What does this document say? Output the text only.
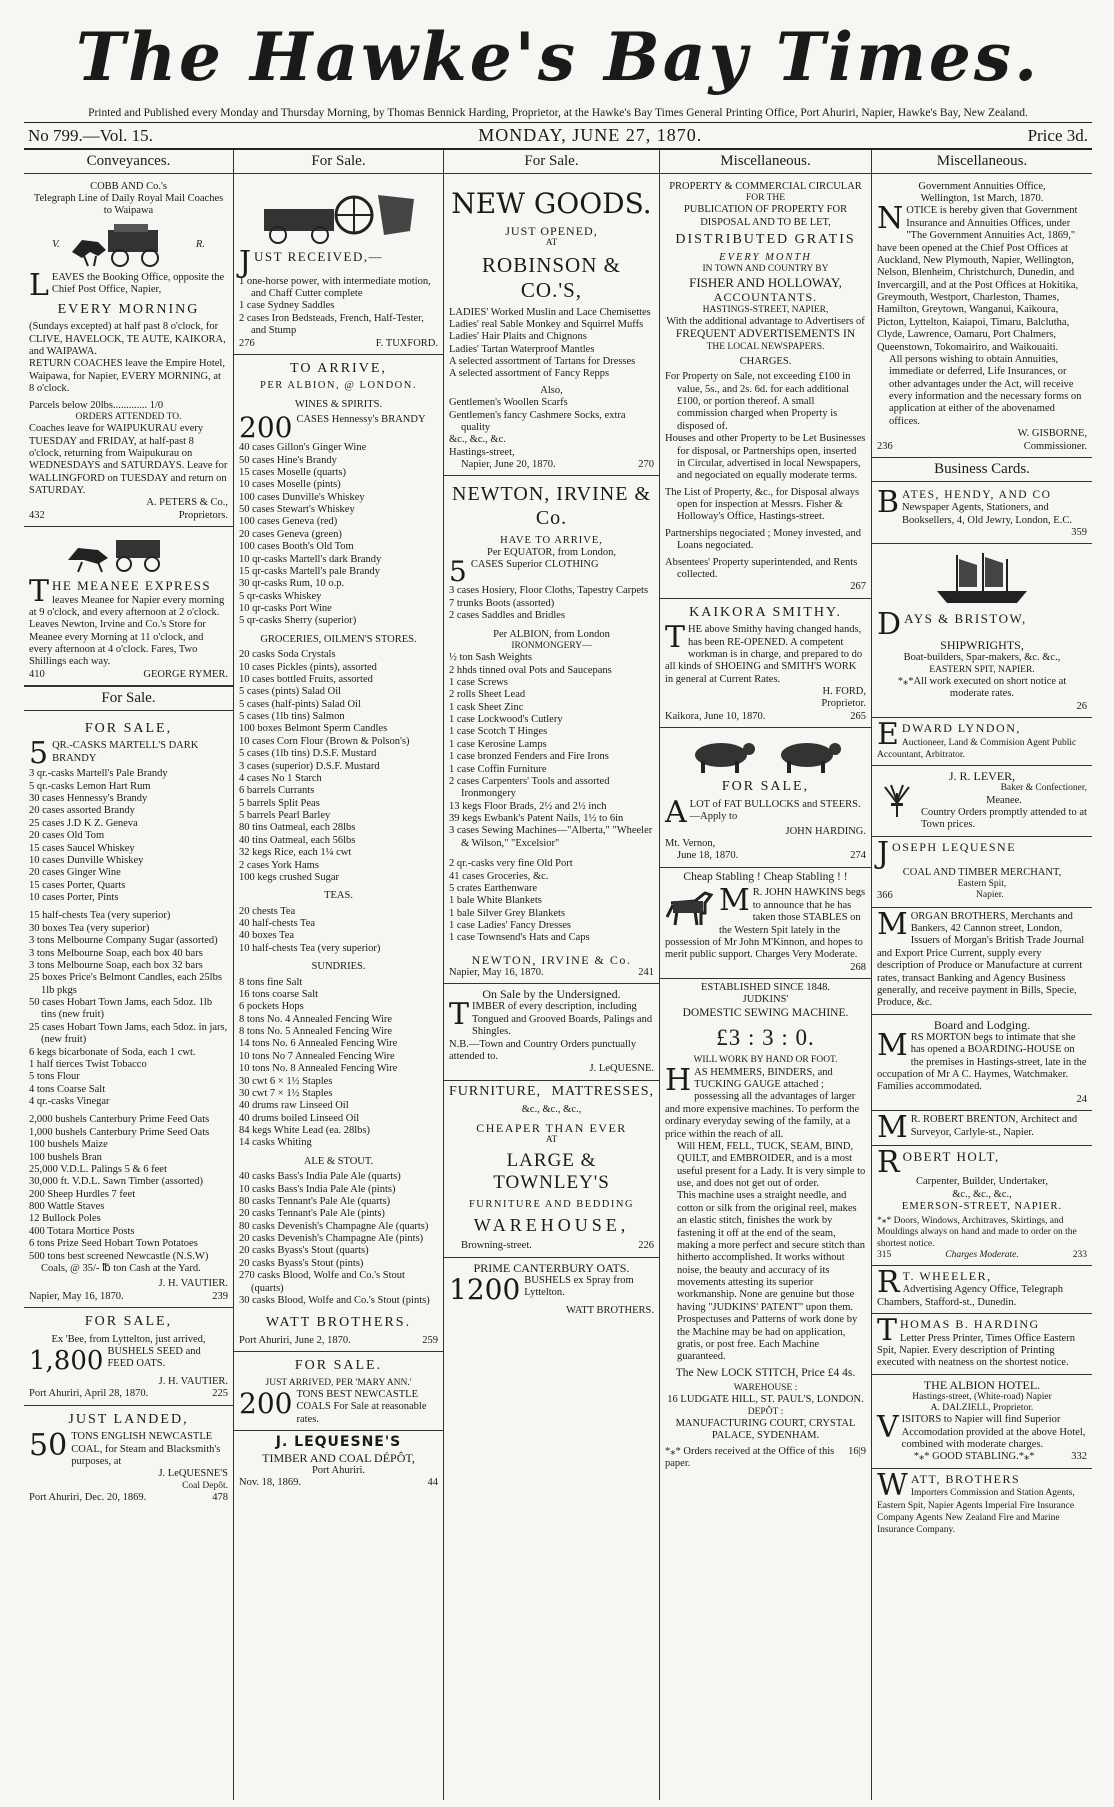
The Hawke's Bay Times.
Printed and Published every Monday and Thursday Morning, by Thomas Bennick Harding, Proprietor, at the Hawke's Bay Times General Printing Office, Port Ahuriri, Napier, Hawke's Bay, New Zealand.
No 799.—Vol. 15.	MONDAY, JUNE 27, 1870.	Price 3d.
Conveyances.
COBB AND Co.'s
Telegraph Line of Daily Royal Mail Coaches to Waipawa
V.	R.
LEAVES the Booking Office, opposite the Chief Post Office, Napier,
EVERY MORNING
(Sundays excepted) at half past 8 o'clock, for CLIVE, HAVELOCK, TE AUTE, KAIKORA, and WAIPAWA.
RETURN COACHES leave the Empire Hotel, Waipawa, for Napier, EVERY MORNING, at 8 o'clock.
Parcels below 20lbs............. 1/0
ORDERS ATTENDED TO.
Coaches leave for WAIPUKURAU every TUESDAY and FRIDAY, at half-past 8 o'clock, returning from Waipukurau on WEDNESDAYS and SATURDAYS. Leave for WALLINGFORD on TUESDAY and return on SATURDAY.
A. PETERS & Co.,
432	Proprietors.
THE MEANEE EXPRESS leaves Meanee for Napier every morning at 9 o'clock, and every afternoon at 2 o'clock. Leaves Newton, Irvine and Co.'s Store for Meanee every Morning at 11 o'clock, and every afternoon at 4 o'clock. Fares, Two Shillings each way.
410	GEORGE RYMER.
For Sale.
FOR SALE,
5 QR.-CASKS MARTELL'S DARK BRANDY
3 qr.-casks Martell's Pale Brandy
5 qr.-casks Lemon Hart Rum
30 cases Hennessy's Brandy
20 cases assorted Brandy
25 cases J.D K Z. Geneva
20 cases Old Tom
15 cases Saucel Whiskey
10 cases Dunville Whiskey
20 cases Ginger Wine
15 cases Porter, Quarts
10 cases Porter, Pints
15 half-chests Tea (very superior)
30 boxes Tea (very superior)
3 tons Melbourne Company Sugar (assorted)
3 tons Melbourne Soap, each box 40 bars
3 tons Melbourne Soap, each box 32 bars
25 boxes Price's Belmont Candles, each 25lbs 1lb pkgs
50 cases Hobart Town Jams, each 5doz. 1lb tins (new fruit)
25 cases Hobart Town Jams, each 5doz. in jars, (new fruit)
6 kegs bicarbonate of Soda, each 1 cwt.
1 half tierces Twist Tobacco
5 tons Flour
4 tons Coarse Salt
4 qr.-casks Vinegar
2,000 bushels Canterbury Prime Feed Oats
1,000 bushels Canterbury Prime Seed Oats
100 bushels Maize
100 bushels Bran
25,000 V.D.L. Palings 5 & 6 feet
30,000 ft. V.D.L. Sawn Timber (assorted)
200 Sheep Hurdles 7 feet
800 Wattle Staves
12 Bullock Poles
400 Totara Mortice Posts
6 tons Prize Seed Hobart Town Potatoes
500 tons best screened Newcastle (N.S.W) Coals, @ 35/- ℔ ton Cash at the Yard.
J. H. VAUTIER.
Napier, May 16, 1870.	239
FOR SALE,
Ex 'Bee, from Lyttelton, just arrived,
1,800 BUSHELS SEED and FEED OATS.
J. H. VAUTIER.
Port Ahuriri, April 28, 1870.	225
JUST LANDED,
50 TONS ENGLISH NEWCASTLE COAL, for Steam and Blacksmith's purposes, at
J. LeQUESNE'S
Coal Depôt.
Port Ahuriri, Dec. 20, 1869.	478
For Sale.
JUST RECEIVED,—
1 one-horse power, with intermediate motion, and Chaff Cutter complete
1 case Sydney Saddles
2 cases Iron Bedsteads, French, Half-Tester, and Stump
276	F. TUXFORD.
TO ARRIVE,
PER ALBION, @ LONDON.
WINES & SPIRITS.
200 CASES Hennessy's BRANDY
40 cases Gillon's Ginger Wine
50 cases Hine's Brandy
15 cases Moselle (quarts)
10 cases Moselle (pints)
100 cases Dunville's Whiskey
50 cases Stewart's Whiskey
100 cases Geneva (red)
20 cases Geneva (green)
100 cases Booth's Old Tom
10 qr-casks Martell's dark Brandy
15 qr-casks Martell's pale Brandy
30 qr-casks Rum, 10 o.p.
5 qr-casks Whiskey
10 qr-casks Port Wine
5 qr-casks Sherry (superior)
GROCERIES, OILMEN'S STORES.
20 casks Soda Crystals
10 cases Pickles (pints), assorted
10 cases bottled Fruits, assorted
5 cases (pints) Salad Oil
5 cases (half-pints) Salad Oil
5 cases (1lb tins) Salmon
100 boxes Belmont Sperm Candles
10 cases Corn Flour (Brown & Polson's)
5 cases (1lb tins) D.S.F. Mustard
3 cases (superior) D.S.F. Mustard
4 cases No 1 Starch
6 barrels Currants
5 barrels Split Peas
5 barrels Pearl Barley
80 tins Oatmeal, each 28lbs
40 tins Oatmeal, each 56lbs
32 kegs Rice, each 1¼ cwt
2 cases York Hams
100 kegs crushed Sugar
TEAS.
20 chests Tea
40 half-chests Tea
40 boxes Tea
10 half-chests Tea (very superior)
SUNDRIES.
8 tons fine Salt
16 tons coarse Salt
6 pockets Hops
8 tons No. 4 Annealed Fencing Wire
8 tons No. 5 Annealed Fencing Wire
14 tons No. 6 Annealed Fencing Wire
10 tons No 7 Annealed Fencing Wire
10 tons No. 8 Annealed Fencing Wire
30 cwt 6 × 1½ Staples
30 cwt 7 × 1½ Staples
40 drums raw Linseed Oil
40 drums boiled Linseed Oil
84 kegs White Lead (ea. 28lbs)
14 casks Whiting
ALE & STOUT.
40 casks Bass's India Pale Ale (quarts)
10 casks Bass's India Pale Ale (pints)
80 casks Tennant's Pale Ale (quarts)
20 casks Tennant's Pale Ale (pints)
80 casks Devenish's Champagne Ale (quarts)
20 casks Devenish's Champagne Ale (pints)
20 casks Byass's Stout (quarts)
20 casks Byass's Stout (pints)
270 casks Blood, Wolfe and Co.'s Stout (quarts)
30 casks Blood, Wolfe and Co.'s Stout (pints)
WATT BROTHERS.
Port Ahuriri, June 2, 1870.	259
FOR SALE.
JUST ARRIVED, PER 'MARY ANN.'
200 TONS BEST NEWCASTLE COALS For Sale at reasonable rates.
J. LEQUESNE'S
TIMBER AND COAL DÉPÔT,
Port Ahuriri.
Nov. 18, 1869.	44
For Sale.
NEW GOODS.
JUST OPENED,
AT
ROBINSON & CO.'S,
LADIES' Worked Muslin and Lace Chemisettes
Ladies' real Sable Monkey and Squirrel Muffs
Ladies' Hair Plaits and Chignons
Ladies' Tartan Waterproof Mantles
A selected assortment of Tartans for Dresses
A selected assortment of Fancy Repps
Also,
Gentlemen's Woollen Scarfs
Gentlemen's fancy Cashmere Socks, extra quality
&c., &c., &c.
Hastings-street,
Napier, June 20, 1870.	270
NEWTON, IRVINE & Co.
HAVE TO ARRIVE,
Per EQUATOR, from London,
5 CASES Superior CLOTHING
3 cases Hosiery, Floor Cloths, Tapestry Carpets
7 trunks Boots (assorted)
2 cases Saddles and Bridles
Per ALBION, from London
IRONMONGERY—
½ ton Sash Weights
2 hhds tinned oval Pots and Saucepans
1 case Screws
2 rolls Sheet Lead
1 cask Sheet Zinc
1 case Lockwood's Cutlery
1 case Scotch T Hinges
1 case Kerosine Lamps
1 case bronzed Fenders and Fire Irons
1 case Coffin Furniture
2 cases Carpenters' Tools and assorted Ironmongery
13 kegs Floor Brads, 2½ and 2½ inch
39 kegs Ewbank's Patent Nails, 1½ to 6in
3 cases Sewing Machines—"Alberta," "Wheeler & Wilson," "Excelsior"
2 qr.-casks very fine Old Port
41 cases Groceries, &c.
5 crates Earthenware
1 bale White Blankets
1 bale Silver Grey Blankets
1 case Ladies' Fancy Dresses
1 case Townsend's Hats and Caps
NEWTON, IRVINE & Co.
Napier, May 16, 1870.	241
On Sale by the Undersigned.
TIMBER of every description, including Tongued and Grooved Boards, Palings and Shingles.
N.B.—Town and Country Orders punctually attended to.
J. LeQUESNE.
FURNITURE, MATTRESSES,
&c., &c., &c.,
CHEAPER THAN EVER
AT
LARGE & TOWNLEY'S
FURNITURE AND BEDDING
WAREHOUSE,
Browning-street.	226
PRIME CANTERBURY OATS.
1200 BUSHELS ex Spray from Lyttelton.
WATT BROTHERS.
Miscellaneous.
PROPERTY & COMMERCIAL CIRCULAR
FOR THE
PUBLICATION OF PROPERTY FOR DISPOSAL AND TO BE LET,
DISTRIBUTED GRATIS
EVERY MONTH
IN TOWN AND COUNTRY BY
FISHER AND HOLLOWAY,
ACCOUNTANTS.
HASTINGS-STREET, NAPIER,
With the additional advantage to Advertisers of
FREQUENT ADVERTISEMENTS IN
THE LOCAL NEWSPAPERS.
CHARGES.
For Property on Sale, not exceeding £100 in value, 5s., and 2s. 6d. for each additional £100, or portion thereof. A small commission charged when Property is disposed of.
Houses and other Property to be Let Businesses for disposal, or Partnerships open, inserted in Circular, advertised in local Newspapers, and negociated on equally moderate terms.
The List of Property, &c., for Disposal always open for inspection at Messrs. Fisher & Holloway's Office, Hastings-street.
Partnerships negociated ; Money invested, and Loans negociated.
Absentees' Property superintended, and Rents collected.
267
KAIKORA SMITHY.
THE above Smithy having changed hands, has been RE-OPENED. A competent workman is in charge, and prepared to do all kinds of SHOEING and SMITH'S WORK in general at Current Rates.
H. FORD,
Proprietor.
Kaikora, June 10, 1870.	265
FOR SALE,
ALOT of FAT BULLOCKS and STEERS.—Apply to
JOHN HARDING.
Mt. Vernon,
June 18, 1870.	274
Cheap Stabling ! Cheap Stabling ! !
M R. JOHN HAWKINS begs to announce that he has taken those STABLES on the Western Spit lately in the possession of Mr John M'Kinnon, and hopes to merit public support. Charges Very Moderate.
268
ESTABLISHED SINCE 1848.
JUDKINS'
DOMESTIC SEWING MACHINE.
£3 : 3 : 0.
WILL WORK BY HAND OR FOOT.
HAS HEMMERS, BINDERS, and TUCKING GAUGE attached ; possessing all the advantages of larger and more expensive machines. To perform the ordinary everyday sewing of the family, at a price within the reach of all.
Will HEM, FELL, TUCK, SEAM, BIND, QUILT, and EMBROIDER, and is a most useful present for a Lady. It is very simple to use, and does not get out of order.
This machine uses a straight needle, and cotton or silk from the original reel, makes an elastic stitch, finishes the work by fastening it off at the end of the seam, making a more perfect and secure stitch than hitherto accomplished. It works without noise, the beauty and accuracy of its movements attesting its superior workmanship. None are genuine but those having "JUDKINS' PATENT" upon them.
Prospectuses and Patterns of work done by the Machine may be had on application, gratis, or post free. Each Machine guaranteed.
The New LOCK STITCH, Price £4 4s.
WAREHOUSE :
16 LUDGATE HILL, ST. PAUL'S, LONDON.
DEPÔT :
MANUFACTURING COURT, CRYSTAL PALACE, SYDENHAM.
*⁎* Orders received at the Office of this paper.
16|9
Miscellaneous.
Government Annuities Office,
Wellington, 1st March, 1870.
NOTICE is hereby given that Government Insurance and Annuities Offices, under "The Government Annuities Act, 1869," have been opened at the Chief Post Offices at Auckland, New Plymouth, Napier, Wellington, Nelson, Blenheim, Christchurch, Dunedin, and Invercargill, and at the Post Offices at Hokitika, Greymouth, Westport, Charleston, Thames, Hamilton, Greytown, Wanganui, Kaikoura, Picton, Lyttelton, Kaiapoi, Timaru, Balclutha, Clyde, Lawrence, Oamaru, Port Chalmers, Queenstown, Tokomairiro, and Waikouaiti.
All persons wishing to obtain Annuities, immediate or deferred, Life Insurances, or other advantages under the Act, will receive every information and the necessary forms on application at either of the abovenamed offices.
W. GISBORNE,
236	Commissioner.
Business Cards.
BATES, HENDY, AND CO
Newspaper Agents, Stationers, and Booksellers, 4, Old Jewry, London, E.C.
359
DAYS & BRISTOW,
SHIPWRIGHTS,
Boat-builders, Spar-makers, &c. &c.,
EASTERN SPIT, NAPIER.
*⁎*All work executed on short notice at moderate rates.
26
EDWARD LYNDON,
Auctioneer, Land & Commision Agent Public Accountant, Arbitrator.
J. R. LEVER,
Baker & Confectioner,
Meanee.
Country Orders promptly attended to at Town prices.
JOSEPH LEQUESNE
COAL AND TIMBER MERCHANT,
Eastern Spit,
366	Napier.
MORGAN BROTHERS, Merchants and Bankers, 42 Cannon street, London, Issuers of Morgan's British Trade Journal and Export Price Current, supply every description of Produce or Manufacture at current rates, transact Banking and Agency Business generally, and receive payment in Bills, Specie, Produce, &c.
Board and Lodging.
MRS MORTON begs to intimate that she has opened a BOARDING-HOUSE on the premises in Hastings-street, late in the occupation of Mr A C. Haymes, Watchmaker. Families accommodated.
24
M R. ROBERT BRENTON, Architect and Surveyor, Carlyle-st., Napier.
ROBERT HOLT,
Carpenter, Builder, Undertaker,
&c., &c., &c.,
EMERSON-STREET, NAPIER.
*⁎* Doors, Windows, Architraves, Skirtings, and Mouldings always on hand and made to order on the shortest notice.
315	Charges Moderate.	233
R T. WHEELER,
Advertising Agency Office, Telegraph Chambers, Stafford-st., Dunedin.
THOMAS B. HARDING
Letter Press Printer, Times Office Eastern Spit, Napier. Every description of Printing executed with neatness on the shortest notice.
THE ALBION HOTEL.
Hastings-street, (White-road) Napier
A. DALZIELL, Proprietor.
VISITORS to Napier will find Superior Accomodation provided at the above Hotel, combined with moderate charges.
*⁎* GOOD STABLING.*⁎*	332
WATT, BROTHERS
Importers Commission and Station Agents, Eastern Spit, Napier Agents Imperial Fire Insurance Company Agents New Zealand Fire and Marine Insurance Company.
